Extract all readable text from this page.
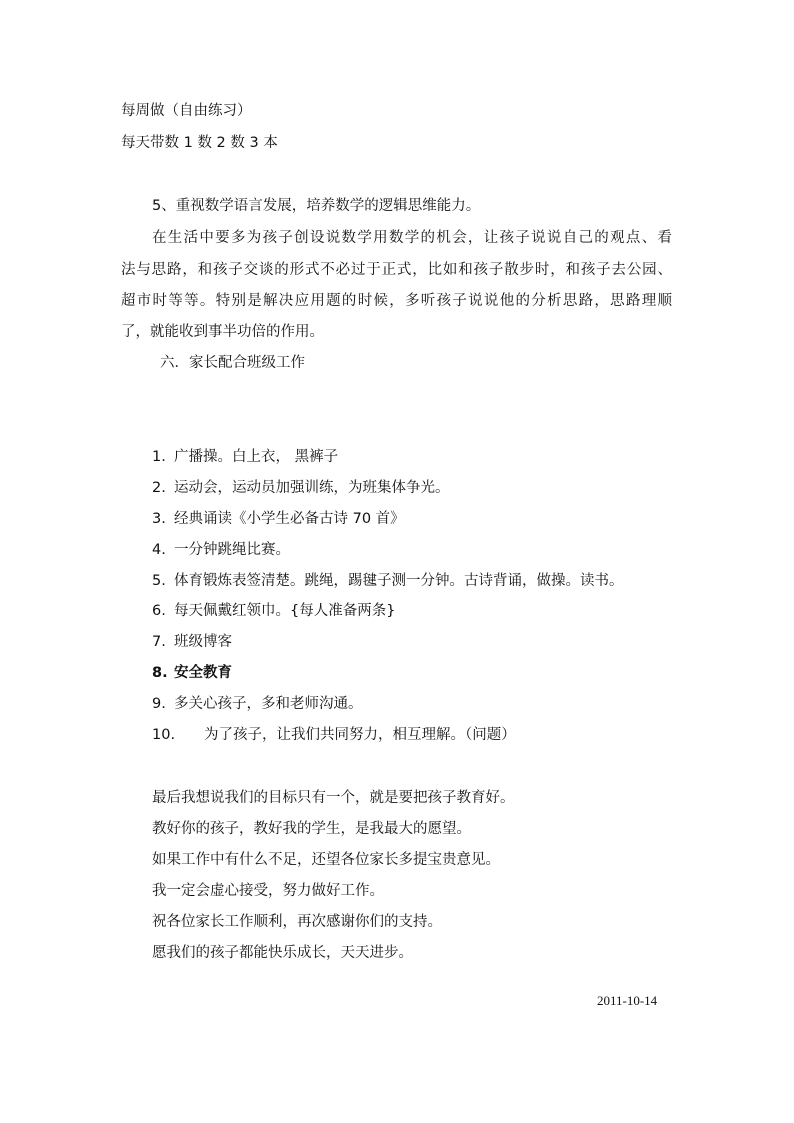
每周做（自由练习）
每天带数 1 数 2 数 3 本
5、重视数学语言发展，培养数学的逻辑思维能力。
在生活中要多为孩子创设说数学用数学的机会，让孩子说说自己的观点、看
法与思路，和孩子交谈的形式不必过于正式，比如和孩子散步时，和孩子去公园、
超市时等等。特别是解决应用题的时候，多听孩子说说他的分析思路，思路理顺
了，就能收到事半功倍的作用。
六．家长配合班级工作
1. 广播操。白上衣， 黑裤子
2. 运动会，运动员加强训练，为班集体争光。
3. 经典诵读《小学生必备古诗 70 首》
4. 一分钟跳绳比赛。
5. 体育锻炼表签清楚。跳绳，踢毽子测一分钟。古诗背诵，做操。读书。
6. 每天佩戴红领巾。{每人准备两条}
7. 班级博客
8. 安全教育
9. 多关心孩子，多和老师沟通。
10. 为了孩子，让我们共同努力，相互理解。（问题）
最后我想说我们的目标只有一个，就是要把孩子教育好。
教好你的孩子，教好我的学生，是我最大的愿望。
如果工作中有什么不足，还望各位家长多提宝贵意见。
我一定会虚心接受，努力做好工作。
祝各位家长工作顺利，再次感谢你们的支持。
愿我们的孩子都能快乐成长，天天进步。
2011-10-14
